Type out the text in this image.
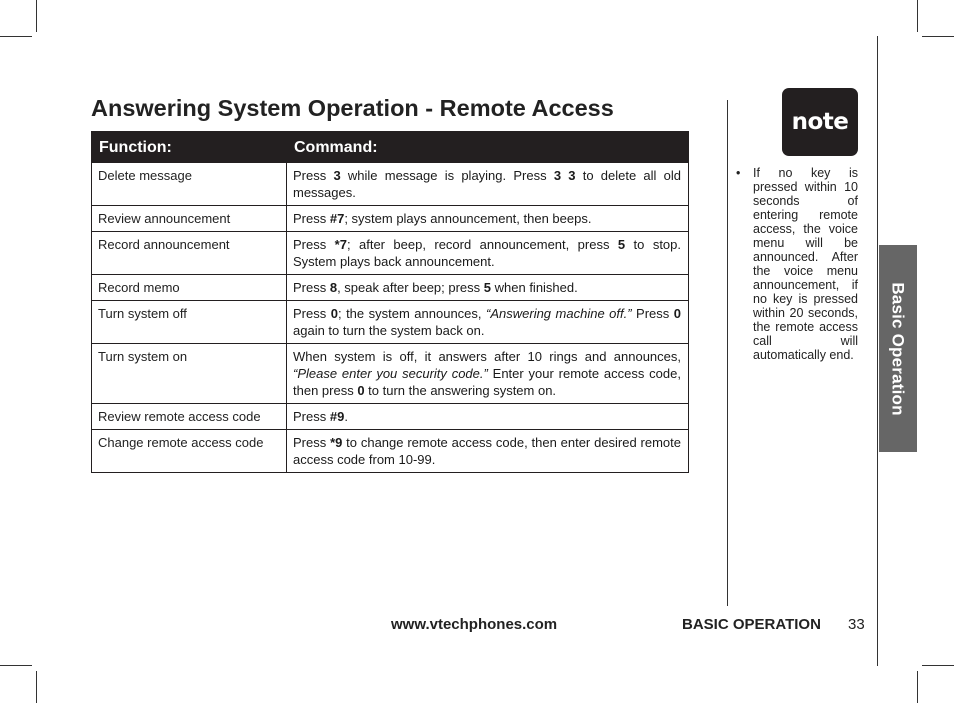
Answering System Operation - Remote Access
Function:	Command:
Delete message	Press 3 while message is playing. Press 3 3 to delete all old messages.
Review announcement	Press #7; system plays announcement, then beeps.
Record announcement	Press *7; after beep, record announcement, press 5 to stop. System plays back announcement.
Record memo	Press 8, speak after beep; press 5 when finished.
Turn system off	Press 0; the system announces, “Answering machine off.” Press 0 again to turn the system back on.
Turn system on	When system is off, it answers after 10 rings and announces, “Please enter you security code.” Enter your remote access code, then press 0 to turn the answering system on.
Review remote access code	Press #9.
Change remote access code	Press *9 to change remote access code, then enter desired remote access code from 10-99.
note
• If no key is pressed within 10 seconds of entering remote access, the voice menu will be announced. After the voice menu announcement, if no key is pressed within 20 seconds, the remote access call will automatically end. Basic Operation
www.vtechphones.com	BASIC OPERATION 33
